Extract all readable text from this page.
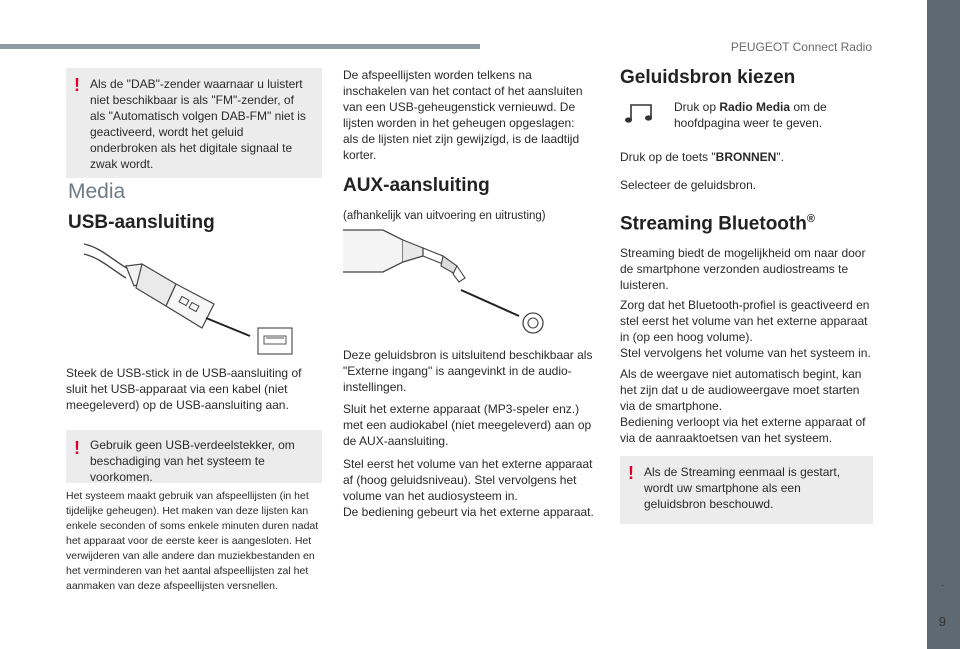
PEUGEOT Connect Radio
.
9
! Als de "DAB"-zender waarnaar u luistert niet beschikbaar is als "FM"-zender, of als "Automatisch volgen DAB-FM" niet is geactiveerd, wordt het geluid onderbroken als het digitale signaal te zwak wordt.
Media
USB-aansluiting
Steek de USB-stick in de USB-aansluiting of sluit het USB-apparaat via een kabel (niet meegeleverd) op de USB-aansluiting aan.
! Gebruik geen USB-verdeelstekker, om beschadiging van het systeem te voorkomen.
Het systeem maakt gebruik van afspeellijsten (in het tijdelijke geheugen). Het maken van deze lijsten kan enkele seconden of soms enkele minuten duren nadat het apparaat voor de eerste keer is aangesloten. Het verwijderen van alle andere dan muziekbestanden en het verminderen van het aantal afspeellijsten zal het aanmaken van deze afspeellijsten versnellen.
De afspeellijsten worden telkens na inschakelen van het contact of het aansluiten van een USB-geheugenstick vernieuwd. De lijsten worden in het geheugen opgeslagen: als de lijsten niet zijn gewijzigd, is de laadtijd korter.
AUX-aansluiting
(afhankelijk van uitvoering en uitrusting)
Deze geluidsbron is uitsluitend beschikbaar als "Externe ingang" is aangevinkt in de audio-instellingen.
Sluit het externe apparaat (MP3-speler enz.) met een audiokabel (niet meegeleverd) aan op de AUX-aansluiting.
Stel eerst het volume van het externe apparaat af (hoog geluidsniveau). Stel vervolgens het volume van het audiosysteem in.
De bediening gebeurt via het externe apparaat.
Geluidsbron kiezen
Druk op Radio Media om de hoofdpagina weer te geven.
Druk op de toets "BRONNEN".
Selecteer de geluidsbron.
Streaming Bluetooth®
Streaming biedt de mogelijkheid om naar door de smartphone verzonden audiostreams te luisteren.
Zorg dat het Bluetooth-profiel is geactiveerd en stel eerst het volume van het externe apparaat in (op een hoog volume).
Stel vervolgens het volume van het systeem in.
Als de weergave niet automatisch begint, kan het zijn dat u de audioweergave moet starten via de smartphone.
Bediening verloopt via het externe apparaat of via de aanraaktoetsen van het systeem.
! Als de Streaming eenmaal is gestart, wordt uw smartphone als een geluidsbron beschouwd.
